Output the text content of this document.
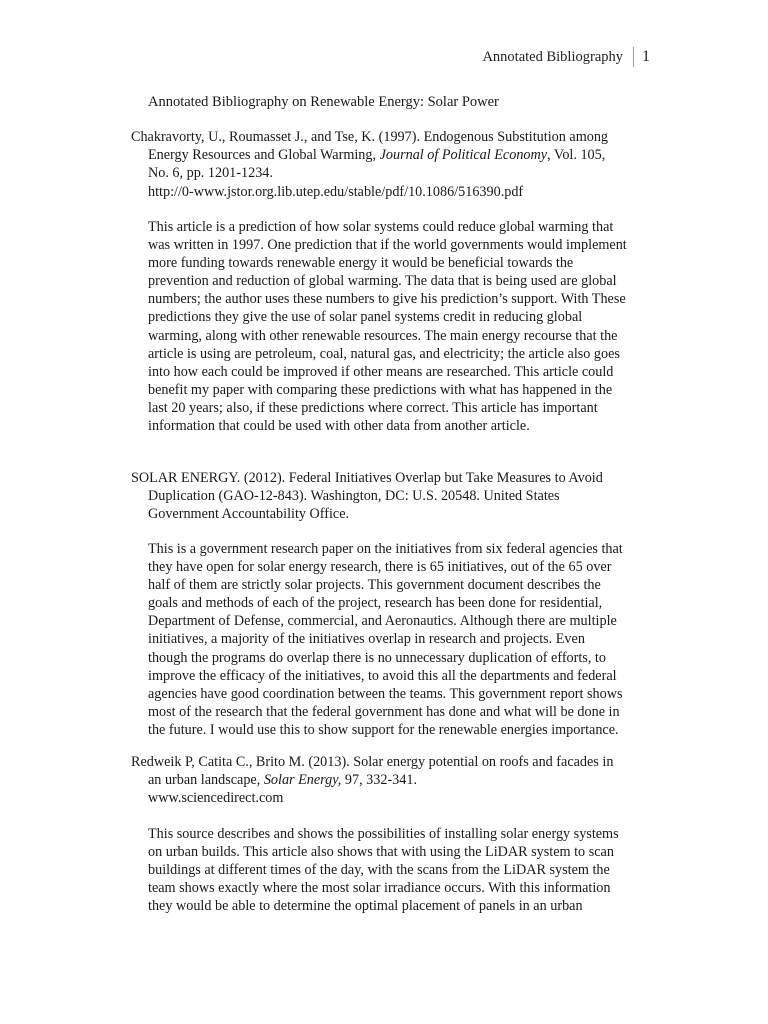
Annotated Bibliography 1
Annotated Bibliography on Renewable Energy: Solar Power
Chakravorty, U., Roumasset J., and Tse, K. (1997). Endogenous Substitution among
Energy Resources and Global Warming, Journal of Political Economy, Vol. 105,
No. 6, pp. 1201-1234.
http://0-www.jstor.org.lib.utep.edu/stable/pdf/10.1086/516390.pdf
This article is a prediction of how solar systems could reduce global warming that
was written in 1997. One prediction that if the world governments would implement
more funding towards renewable energy it would be beneficial towards the
prevention and reduction of global warming. The data that is being used are global
numbers; the author uses these numbers to give his prediction’s support. With These
predictions they give the use of solar panel systems credit in reducing global
warming, along with other renewable resources. The main energy recourse that the
article is using are petroleum, coal, natural gas, and electricity; the article also goes
into how each could be improved if other means are researched. This article could
benefit my paper with comparing these predictions with what has happened in the
last 20 years; also, if these predictions where correct. This article has important
information that could be used with other data from another article.
SOLAR ENERGY. (2012). Federal Initiatives Overlap but Take Measures to Avoid
Duplication (GAO-12-843). Washington, DC: U.S. 20548. United States
Government Accountability Office.
This is a government research paper on the initiatives from six federal agencies that
they have open for solar energy research, there is 65 initiatives, out of the 65 over
half of them are strictly solar projects. This government document describes the
goals and methods of each of the project, research has been done for residential,
Department of Defense, commercial, and Aeronautics. Although there are multiple
initiatives, a majority of the initiatives overlap in research and projects. Even
though the programs do overlap there is no unnecessary duplication of efforts, to
improve the efficacy of the initiatives, to avoid this all the departments and federal
agencies have good coordination between the teams. This government report shows
most of the research that the federal government has done and what will be done in
the future. I would use this to show support for the renewable energies importance.
Redweik P, Catita C., Brito M. (2013). Solar energy potential on roofs and facades in
an urban landscape, Solar Energy, 97, 332-341.
www.sciencedirect.com
This source describes and shows the possibilities of installing solar energy systems
on urban builds. This article also shows that with using the LiDAR system to scan
buildings at different times of the day, with the scans from the LiDAR system the
team shows exactly where the most solar irradiance occurs. With this information
they would be able to determine the optimal placement of panels in an urban
